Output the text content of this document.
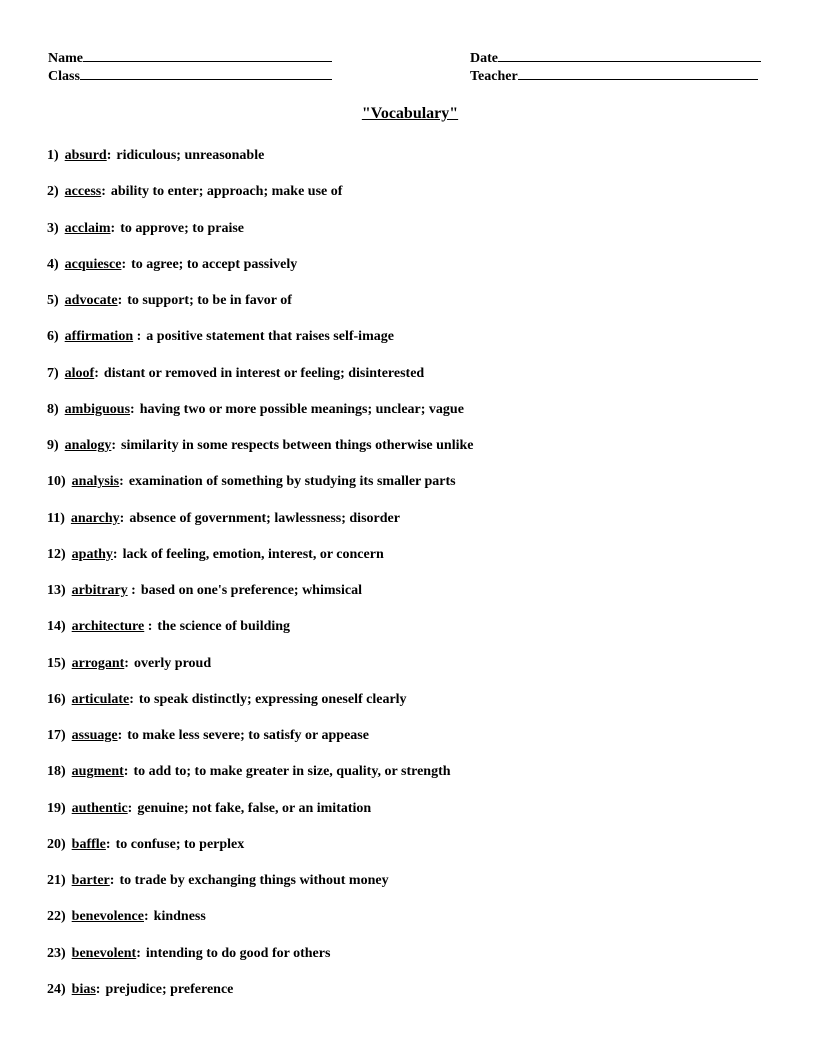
Name
Class
Date
Teacher
"Vocabulary"
1) absurd: ridiculous; unreasonable
2) access: ability to enter; approach; make use of
3) acclaim: to approve; to praise
4) acquiesce: to agree; to accept passively
5) advocate: to support; to be in favor of
6) affirmation : a positive statement that raises self-image
7) aloof: distant or removed in interest or feeling; disinterested
8) ambiguous: having two or more possible meanings; unclear; vague
9) analogy: similarity in some respects between things otherwise unlike
10) analysis: examination of something by studying its smaller parts
11) anarchy: absence of government; lawlessness; disorder
12) apathy: lack of feeling, emotion, interest, or concern
13) arbitrary : based on one's preference; whimsical
14) architecture : the science of building
15) arrogant: overly proud
16) articulate: to speak distinctly; expressing oneself clearly
17) assuage: to make less severe; to satisfy or appease
18) augment: to add to; to make greater in size, quality, or strength
19) authentic: genuine; not fake, false, or an imitation
20) baffle: to confuse; to perplex
21) barter: to trade by exchanging things without money
22) benevolence: kindness
23) benevolent: intending to do good for others
24) bias: prejudice; preference
